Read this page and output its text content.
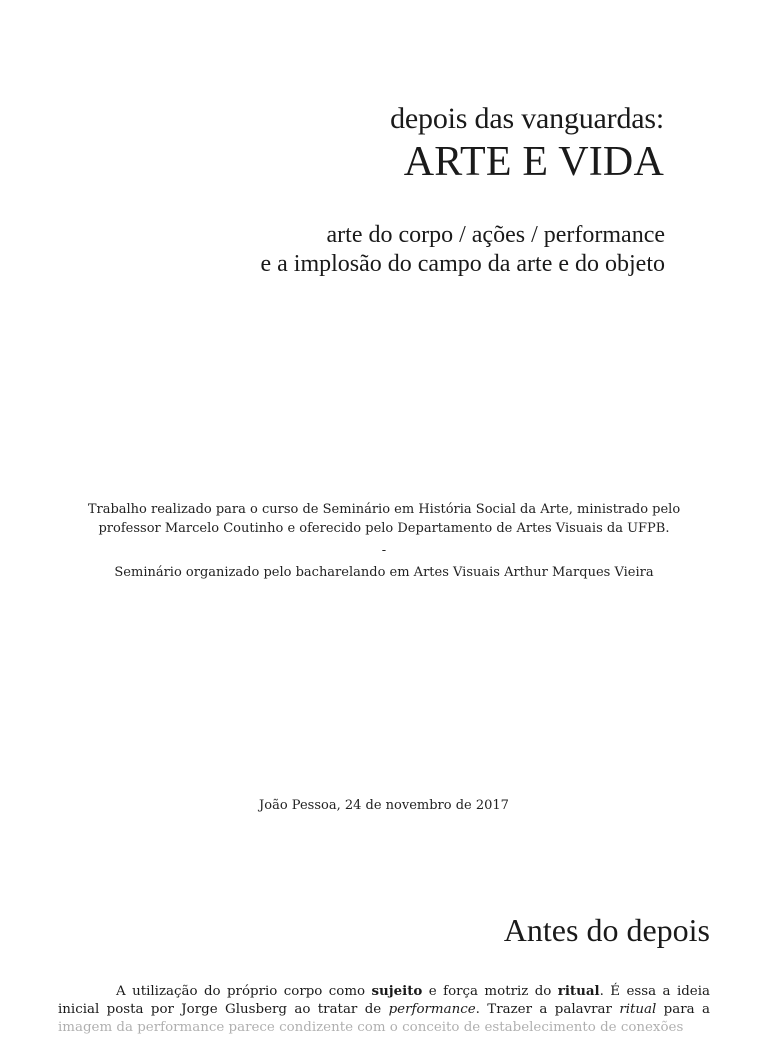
depois das vanguardas:
ARTE E VIDA
arte do corpo / ações / performance
e a implosão do campo da arte e do objeto
Trabalho realizado para o curso de Seminário em História Social da Arte, ministrado pelo
professor Marcelo Coutinho e oferecido pelo Departamento de Artes Visuais da UFPB.
-
Seminário organizado pelo bacharelando em Artes Visuais Arthur Marques Vieira
João Pessoa, 24 de novembro de 2017
Antes do depois

A utilização do próprio corpo como sujeito e força motriz do ritual. É essa a ideia inicial posta por Jorge Glusberg ao tratar de performance. Trazer a palavrar ritual para a imagem da performance parece condizente com o conceito de estabelecimento de conexões
